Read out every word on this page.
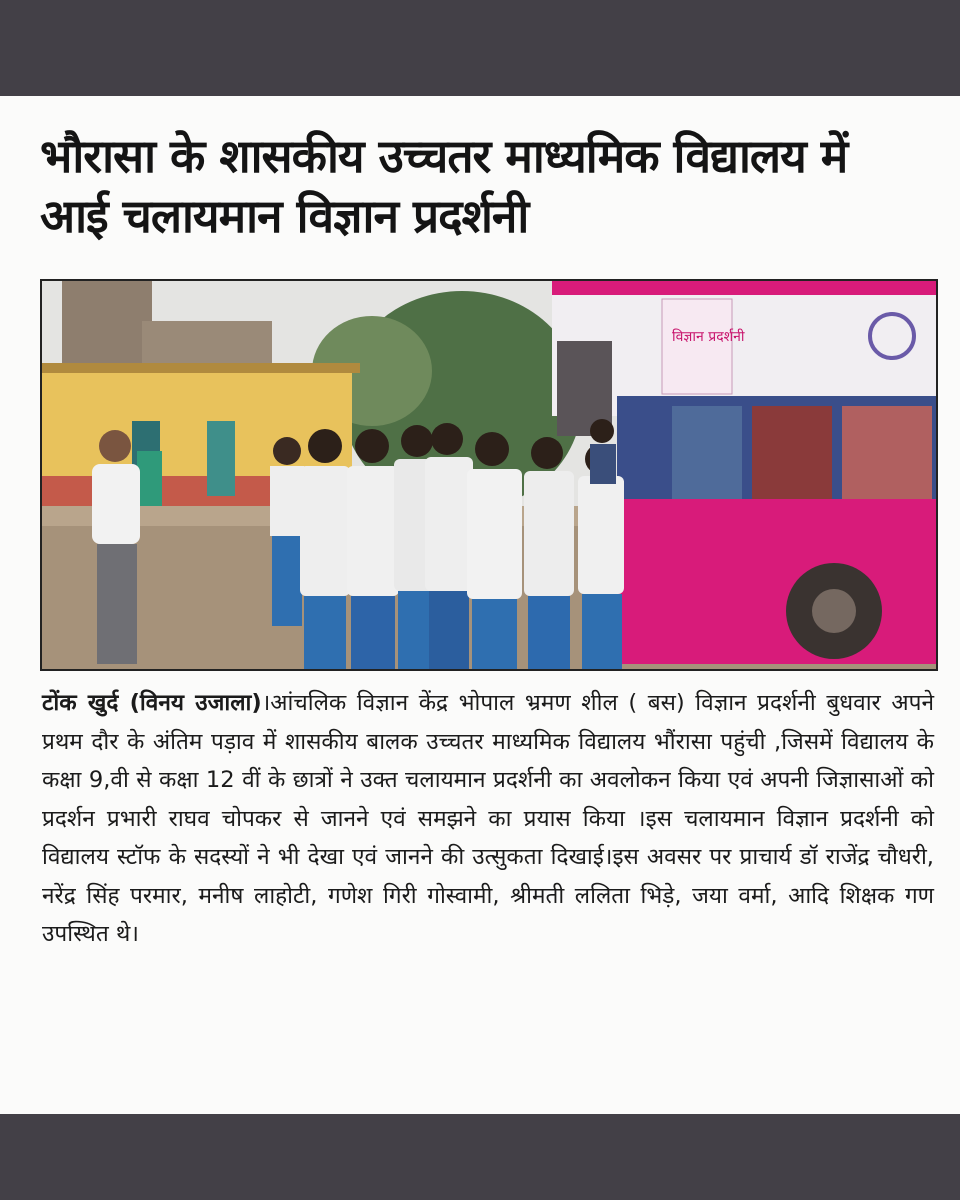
भौरासा के शासकीय उच्चतर माध्यमिक विद्यालय में आई चलायमान विज्ञान प्रदर्शनी
विज्ञान प्रदर्शनी

टोंक खुर्द (विनय उजाला)।आंचलिक विज्ञान केंद्र भोपाल भ्रमण शील ( बस) विज्ञान प्रदर्शनी बुधवार अपने प्रथम दौर के अंतिम पड़ाव में शासकीय बालक उच्चतर माध्यमिक विद्यालय भौंरासा पहुंची ,जिसमें विद्यालय के कक्षा 9,वी से कक्षा 12 वीं के छात्रों ने उक्त चलायमान प्रदर्शनी का अवलोकन किया एवं अपनी जिज्ञासाओं को प्रदर्शन प्रभारी राघव चोपकर से जानने एवं समझने का प्रयास किया ।इस चलायमान विज्ञान प्रदर्शनी को विद्यालय स्टॉफ के सदस्यों ने भी देखा एवं जानने की उत्सुकता दिखाई।इस अवसर पर प्राचार्य डॉ राजेंद्र चौधरी, नरेंद्र सिंह परमार, मनीष लाहोटी, गणेश गिरी गोस्वामी, श्रीमती ललिता भिड़े, जया वर्मा, आदि शिक्षक गण उपस्थित थे।
